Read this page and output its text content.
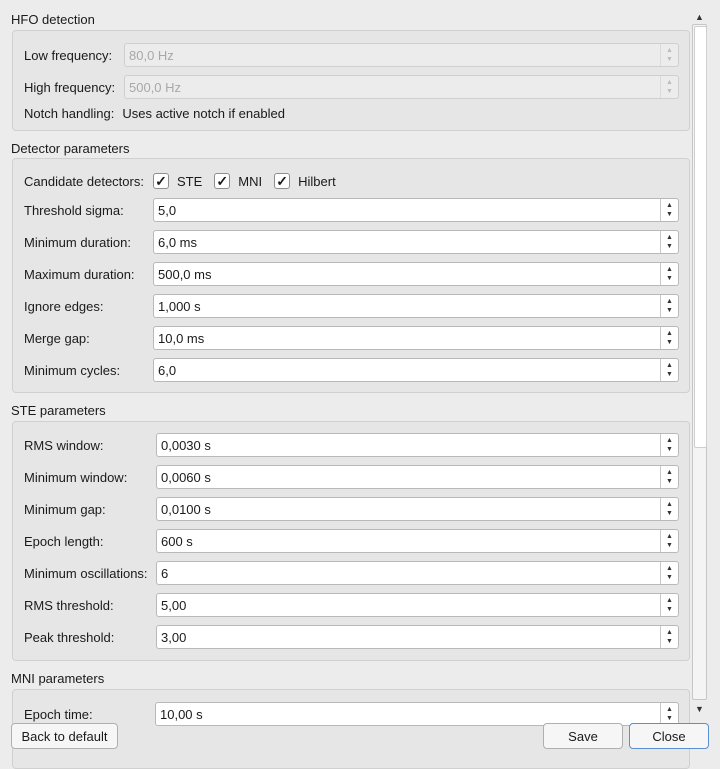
HFO detection
Low frequency:	80,0 Hz	▲
▼
High frequency:	500,0 Hz	▲
▼
Notch handling: Uses active notch if enabled
Detector parameters
Candidate detectors: ✓ STE ✓ MNI ✓ Hilbert
Threshold sigma:	5,0	▲
▼
Minimum duration:	6,0 ms	▲
▼
Maximum duration:	500,0 ms	▲
▼
Ignore edges:	1,000 s	▲
▼
Merge gap:	10,0 ms	▲
▼
Minimum cycles:	6,0	▲
▼
STE parameters
RMS window:	0,0030 s	▲
▼
Minimum window:	0,0060 s	▲
▼
Minimum gap:	0,0100 s	▲
▼
Epoch length:	600 s	▲
▼
Minimum oscillations:	6	▲
▼
RMS threshold:	5,00	▲
▼
Peak threshold:	3,00	▲
▼
MNI parameters
Epoch time:	10,00 s	▲
▼
▲
▼
Back to default	Save	Close
